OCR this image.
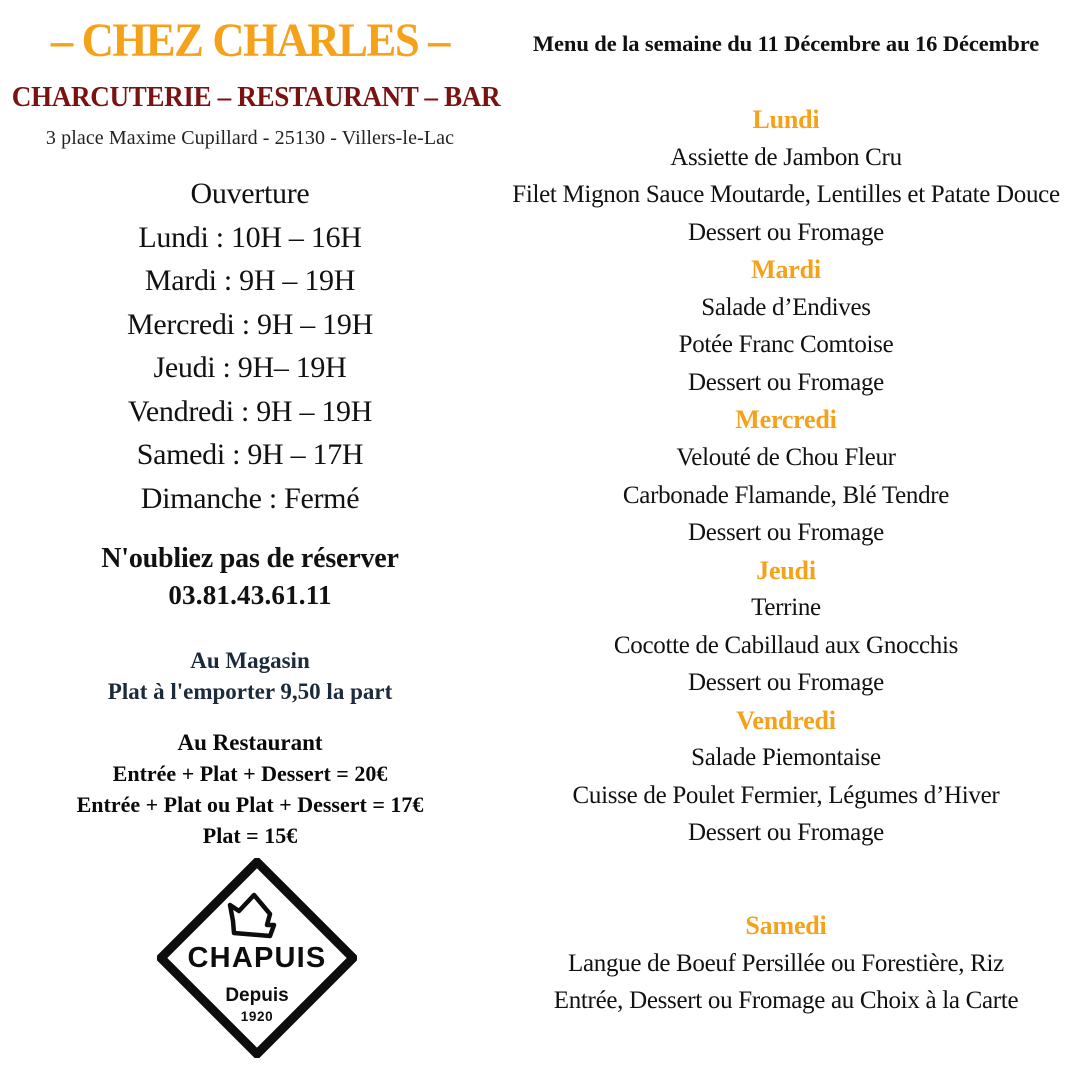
– CHEZ CHARLES –
CHARCUTERIE – RESTAURANT – BAR
3 place Maxime Cupillard - 25130 - Villers-le-Lac
Ouverture
Lundi : 10H – 16H
Mardi : 9H – 19H
Mercredi : 9H – 19H
Jeudi : 9H– 19H
Vendredi : 9H – 19H
Samedi : 9H – 17H
Dimanche : Fermé
N'oubliez pas de réserver
03.81.43.61.11
Au Magasin
Plat à l'emporter 9,50 la part
Au Restaurant
Entrée + Plat + Dessert = 20€
Entrée + Plat ou Plat + Dessert = 17€
Plat = 15€
CHAPUIS
Depuis
1920
Menu de la semaine du 11 Décembre au 16 Décembre
Lundi
Assiette de Jambon Cru
Filet Mignon Sauce Moutarde, Lentilles et Patate Douce
Dessert ou Fromage
Mardi
Salade d’Endives
Potée Franc Comtoise
Dessert ou Fromage
Mercredi
Velouté de Chou Fleur
Carbonade Flamande, Blé Tendre
Dessert ou Fromage
Jeudi
Terrine
Cocotte de Cabillaud aux Gnocchis
Dessert ou Fromage
Vendredi
Salade Piemontaise
Cuisse de Poulet Fermier, Légumes d’Hiver
Dessert ou Fromage
Samedi
Langue de Boeuf Persillée ou Forestière, Riz
Entrée, Dessert ou Fromage au Choix à la Carte
